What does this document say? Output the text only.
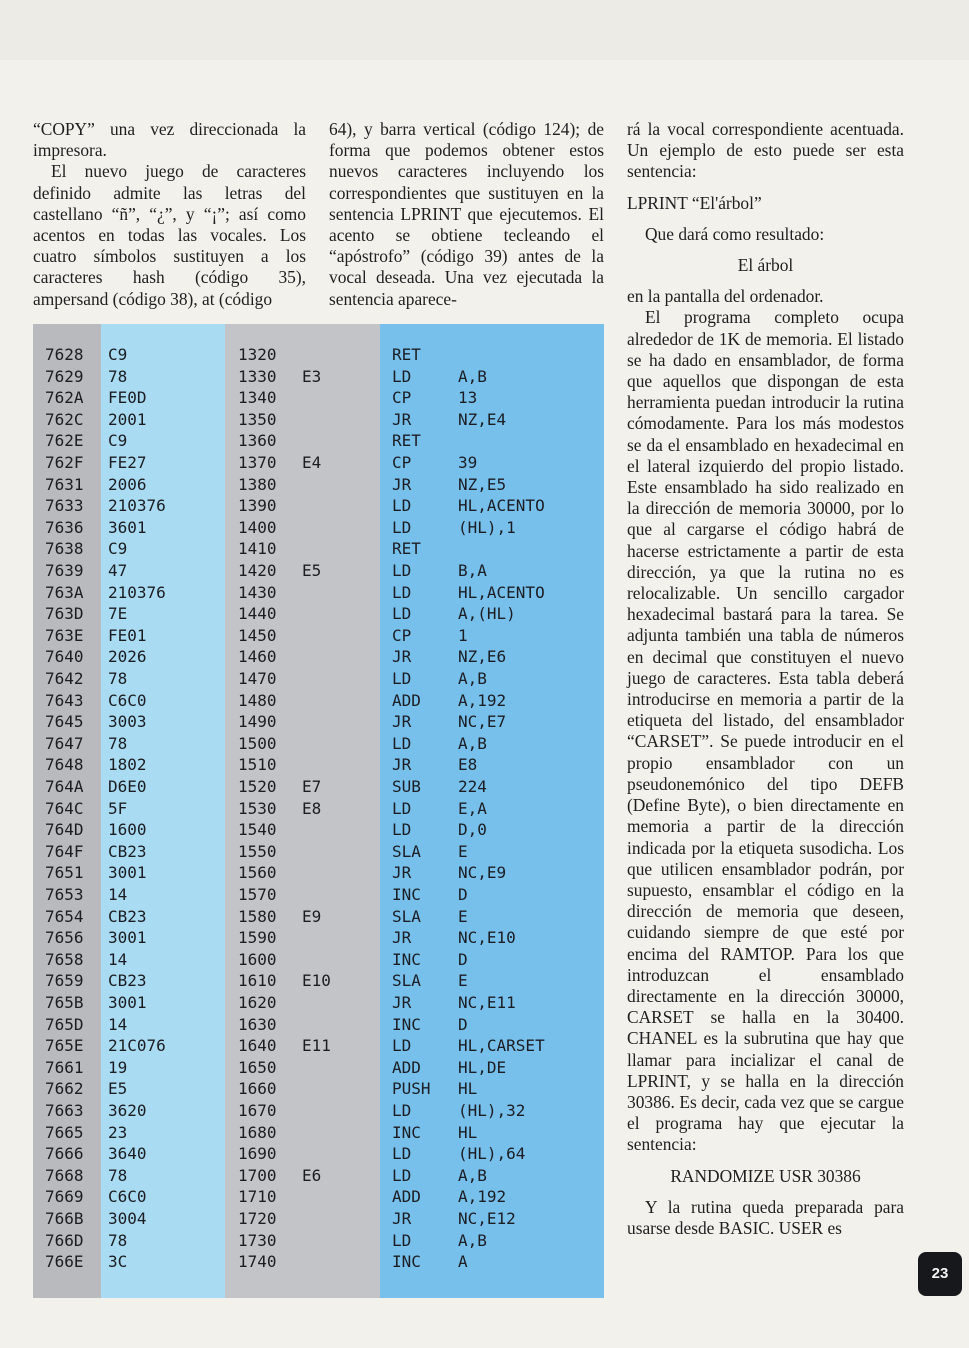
“COPY” una vez direccionada la impresora.

El nuevo juego de caracteres definido admite las letras del castellano “ñ”, “¿”, y “¡”; así como acentos en todas las vocales. Los cuatro símbolos sustituyen a los caracteres hash (código 35), ampersand (código 38), at (código

64), y barra vertical (código 124); de forma que podemos obtener estos nuevos caracteres incluyendo los correspondientes que sustituyen en la sentencia LPRINT que ejecutemos. El acento se obtiene tecleando el “apóstrofo” (código 39) antes de la vocal deseada. Una vez ejecutada la sentencia aparece-

rá la vocal correspondiente acentuada. Un ejemplo de esto puede ser esta sentencia:

LPRINT “El'árbol”

Que dará como resultado:

El árbol

en la pantalla del ordenador.

El programa completo ocupa alrededor de 1K de memoria. El listado se ha dado en ensamblador, de forma que aquellos que dispongan de esta herramienta puedan introducir la rutina cómodamente. Para los más modestos se da el ensamblado en hexadecimal en el lateral izquierdo del propio listado. Este ensamblado ha sido realizado en la dirección de memoria 30000, por lo que al cargarse el código habrá de hacerse estrictamente a partir de esta dirección, ya que la rutina no es relocalizable. Un sencillo cargador hexadecimal bastará para la tarea. Se adjunta también una tabla de números en decimal que constituyen el nuevo juego de caracteres. Esta tabla deberá introducirse en memoria a partir de la etiqueta del listado, del ensamblador “CARSET”. Se puede introducir en el propio ensamblador con un pseudonemónico del tipo DEFB (Define Byte), o bien directamente en memoria a partir de la dirección indicada por la etiqueta susodicha. Los que utilicen ensamblador podrán, por supuesto, ensamblar el código en la dirección de memoria que deseen, cuidando siempre de que esté por encima del RAMTOP. Para los que introduzcan el ensamblado directamente en la dirección 30000, CARSET se halla en la 30400. CHANEL es la subrutina que hay que llamar para incializar el canal de LPRINT, y se halla en la dirección 30386. Es decir, cada vez que se cargue el programa hay que ejecutar la sentencia:

RANDOMIZE USR 30386

Y la rutina queda preparada para usarse desde BASIC. USER es

7628 C9	1320	RET
7629 78	1330 E3	LD	A,B
762A FE0D	1340	CP	13
762C 2001	1350	JR	NZ,E4
762E C9	1360	RET
762F FE27	1370 E4	CP	39
7631 2006	1380	JR	NZ,E5
7633 210376	1390	LD	HL,ACENTO
7636 3601	1400	LD	(HL),1
7638 C9	1410	RET
7639 47	1420 E5	LD	B,A
763A 210376	1430	LD	HL,ACENTO
763D 7E	1440	LD	A,(HL)
763E FE01	1450	CP	1
7640 2026	1460	JR	NZ,E6
7642 78	1470	LD	A,B
7643 C6C0	1480	ADD A,192
7645 3003	1490	JR	NC,E7
7647 78	1500	LD	A,B
7648 1802	1510	JR	E8
764A D6E0	1520 E7	SUB 224
764C 5F	1530 E8	LD	E,A
764D 1600	1540	LD	D,0
764F CB23	1550	SLA E
7651 3001	1560	JR	NC,E9
7653 14	1570	INC D
7654 CB23	1580 E9	SLA E
7656 3001	1590	JR	NC,E10
7658 14	1600	INC D
7659 CB23	1610 E10	SLA E
765B 3001	1620	JR	NC,E11
765D 14	1630	INC D
765E 21C076	1640 E11	LD	HL,CARSET
7661 19	1650	ADD HL,DE
7662 E5	1660	PUSH HL
7663 3620	1670	LD	(HL),32
7665 23	1680	INC HL
7666 3640	1690	LD	(HL),64
7668 78	1700 E6	LD	A,B
7669 C6C0	1710	ADD A,192
766B 3004	1720	JR	NC,E12
766D 78	1730	LD	A,B
766E 3C	1740	INC A
23
